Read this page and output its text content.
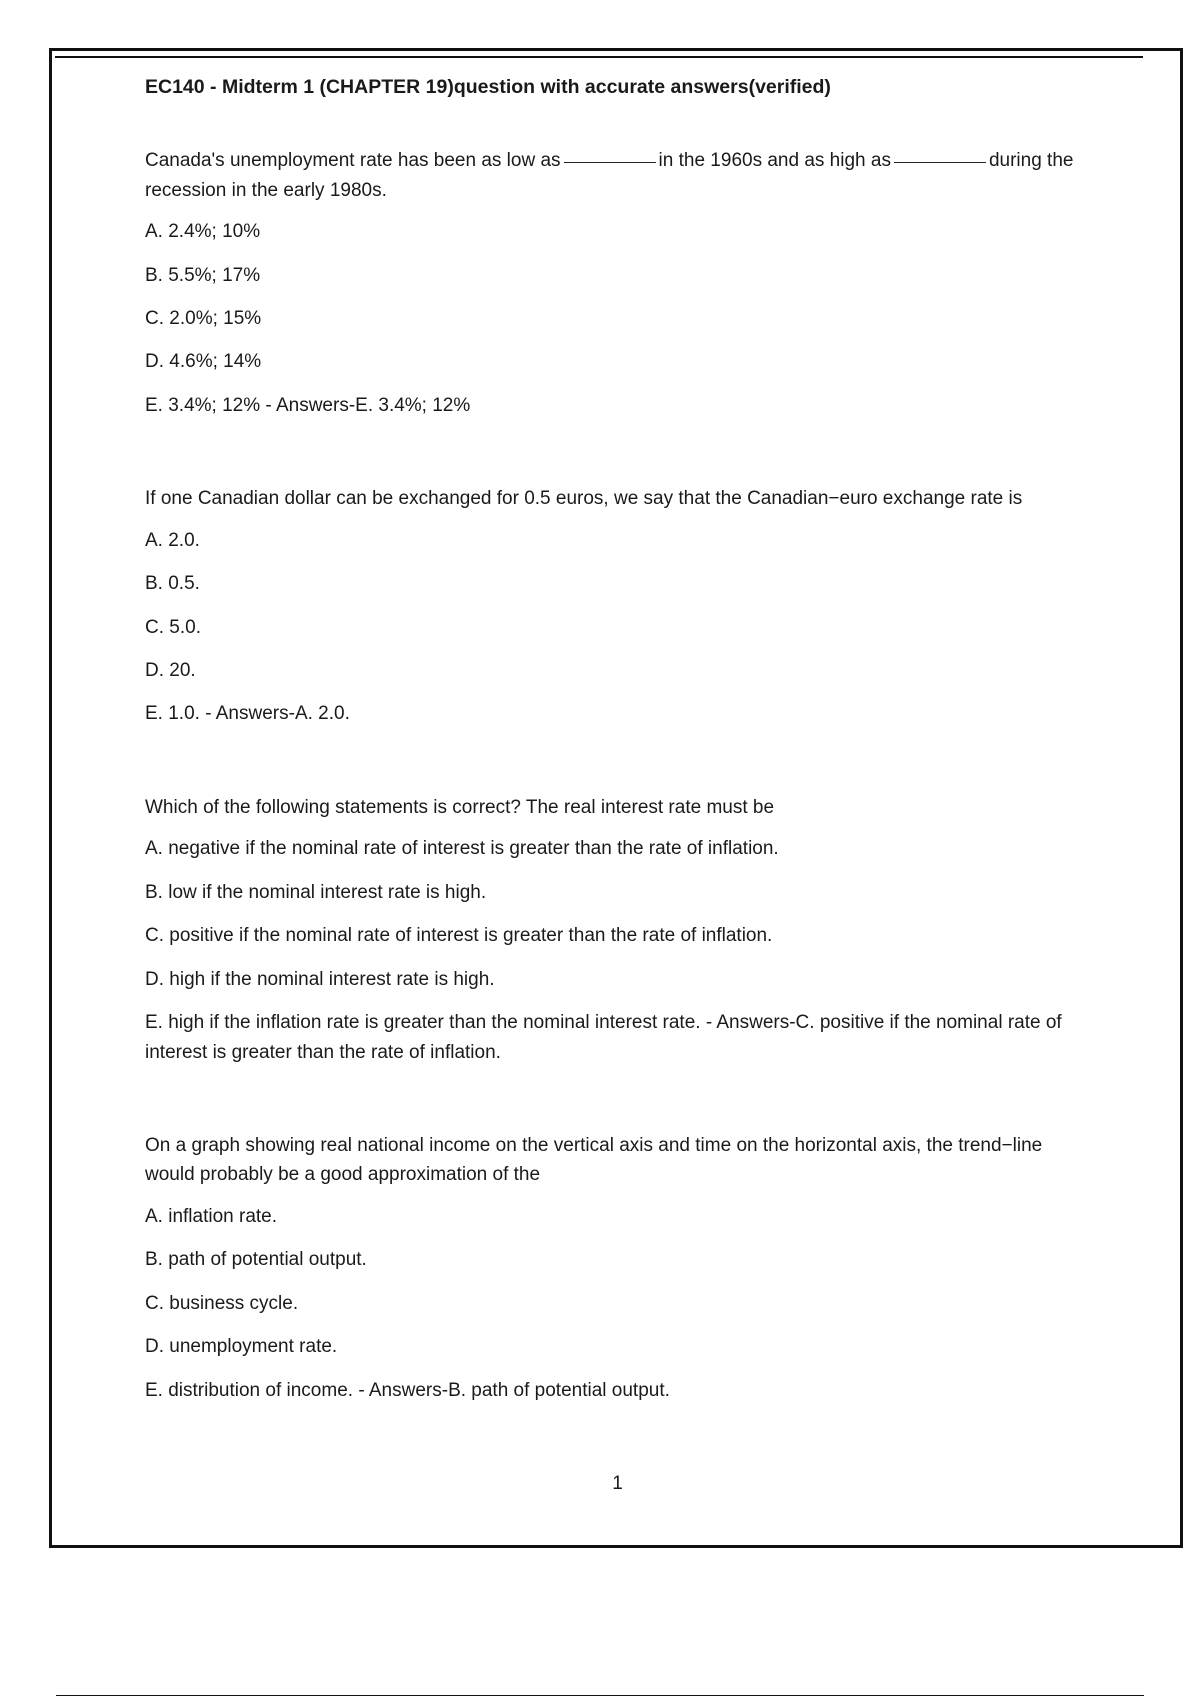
EC140 - Midterm 1 (CHAPTER 19)question with accurate answers(verified)

Canada's unemployment rate has been as low as	in the 1960s and as high as	during the recession in the early 1980s.

A. 2.4%; 10%

B. 5.5%; 17%

C. 2.0%; 15%

D. 4.6%; 14%

E. 3.4%; 12% - Answers-E. 3.4%; 12%

If one Canadian dollar can be exchanged for 0.5 euros, we say that the Canadian−euro exchange rate is

A. 2.0.

B. 0.5.

C. 5.0.

D. 20.

E. 1.0. - Answers-A. 2.0.

Which of the following statements is correct? The real interest rate must be

A. negative if the nominal rate of interest is greater than the rate of inflation.

B. low if the nominal interest rate is high.

C. positive if the nominal rate of interest is greater than the rate of inflation.

D. high if the nominal interest rate is high.

E. high if the inflation rate is greater than the nominal interest rate. - Answers-C. positive if the nominal rate of interest is greater than the rate of inflation.

On a graph showing real national income on the vertical axis and time on the horizontal axis, the trend−line would probably be a good approximation of the

A. inflation rate.

B. path of potential output.

C. business cycle.

D. unemployment rate.

E. distribution of income. - Answers-B. path of potential output.

1
